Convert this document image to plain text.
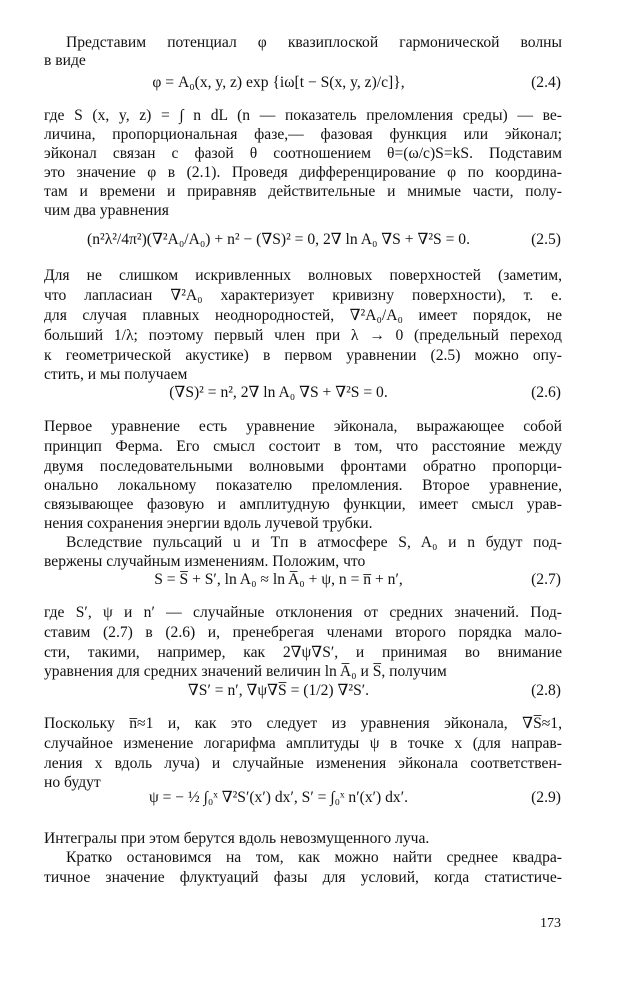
Представим потенциал φ квазиплоской гармонической волны
в виде
φ = A₀(x, y, z) exp {iω[t − S(x, y, z)/c]},	(2.4)
где S (x, y, z) = ∫ n dL (n — показатель преломления среды) — ве-
личина, пропорциональная фазе,— фазовая функция или эйконал;
эйконал связан с фазой θ соотношением θ=(ω/c)S=kS. Подставим
это значение φ в (2.1). Проведя дифференцирование φ по координа-
там и времени и приравняв действительные и мнимые части, полу-
чим два уравнения
(n²λ²/4π²)(∇²A₀/A₀) + n² − (∇S)² = 0, 2∇ ln A₀ ∇S + ∇²S = 0.	(2.5)
Для не слишком искривленных волновых поверхностей (заметим,
что лапласиан ∇²A₀ характеризует кривизну поверхности), т. е.
для случая плавных неоднородностей, ∇²A₀/A₀ имеет порядок, не
больший 1/λ; поэтому первый член при λ → 0 (предельный переход
к геометрической акустике) в первом уравнении (2.5) можно опу-
стить, и мы получаем
(∇S)² = n², 2∇ ln A₀ ∇S + ∇²S = 0.	(2.6)
Первое уравнение есть уравнение эйконала, выражающее собой
принцип Ферма. Его смысл состоит в том, что расстояние между
двумя последовательными волновыми фронтами обратно пропорци-
онально локальному показателю преломления. Второе уравнение,
связывающее фазовую и амплитудную функции, имеет смысл урав-
нения сохранения энергии вдоль лучевой трубки.
Вследствие пульсаций u и Tп в атмосфере S, A₀ и n будут под-
вержены случайным изменениям. Положим, что
S = S̅ + S′, ln A₀ ≈ ln A̅₀ + ψ, n = n̅ + n′,	(2.7)
где S′, ψ и n′ — случайные отклонения от средних значений. Под-
ставим (2.7) в (2.6) и, пренебрегая членами второго порядка мало-
сти, такими, например, как 2∇ψ∇S′, и принимая во внимание
уравнения для средних значений величин ln A̅₀ и S̅, получим
∇S′ = n′, ∇ψ∇S̅ = (1/2) ∇²S′.	(2.8)
Поскольку n̅≈1 и, как это следует из уравнения эйконала, ∇S̅≈1,
случайное изменение логарифма амплитуды ψ в точке x (для направ-
ления x вдоль луча) и случайные изменения эйконала соответствен-
но будут
ψ = − ½ ∫₀ˣ ∇²S′(x′) dx′, S′ = ∫₀ˣ n′(x′) dx′.	(2.9)
Интегралы при этом берутся вдоль невозмущенного луча.
Кратко остановимся на том, как можно найти среднее квадра-
тичное значение флуктуаций фазы для условий, когда статистиче-
173
